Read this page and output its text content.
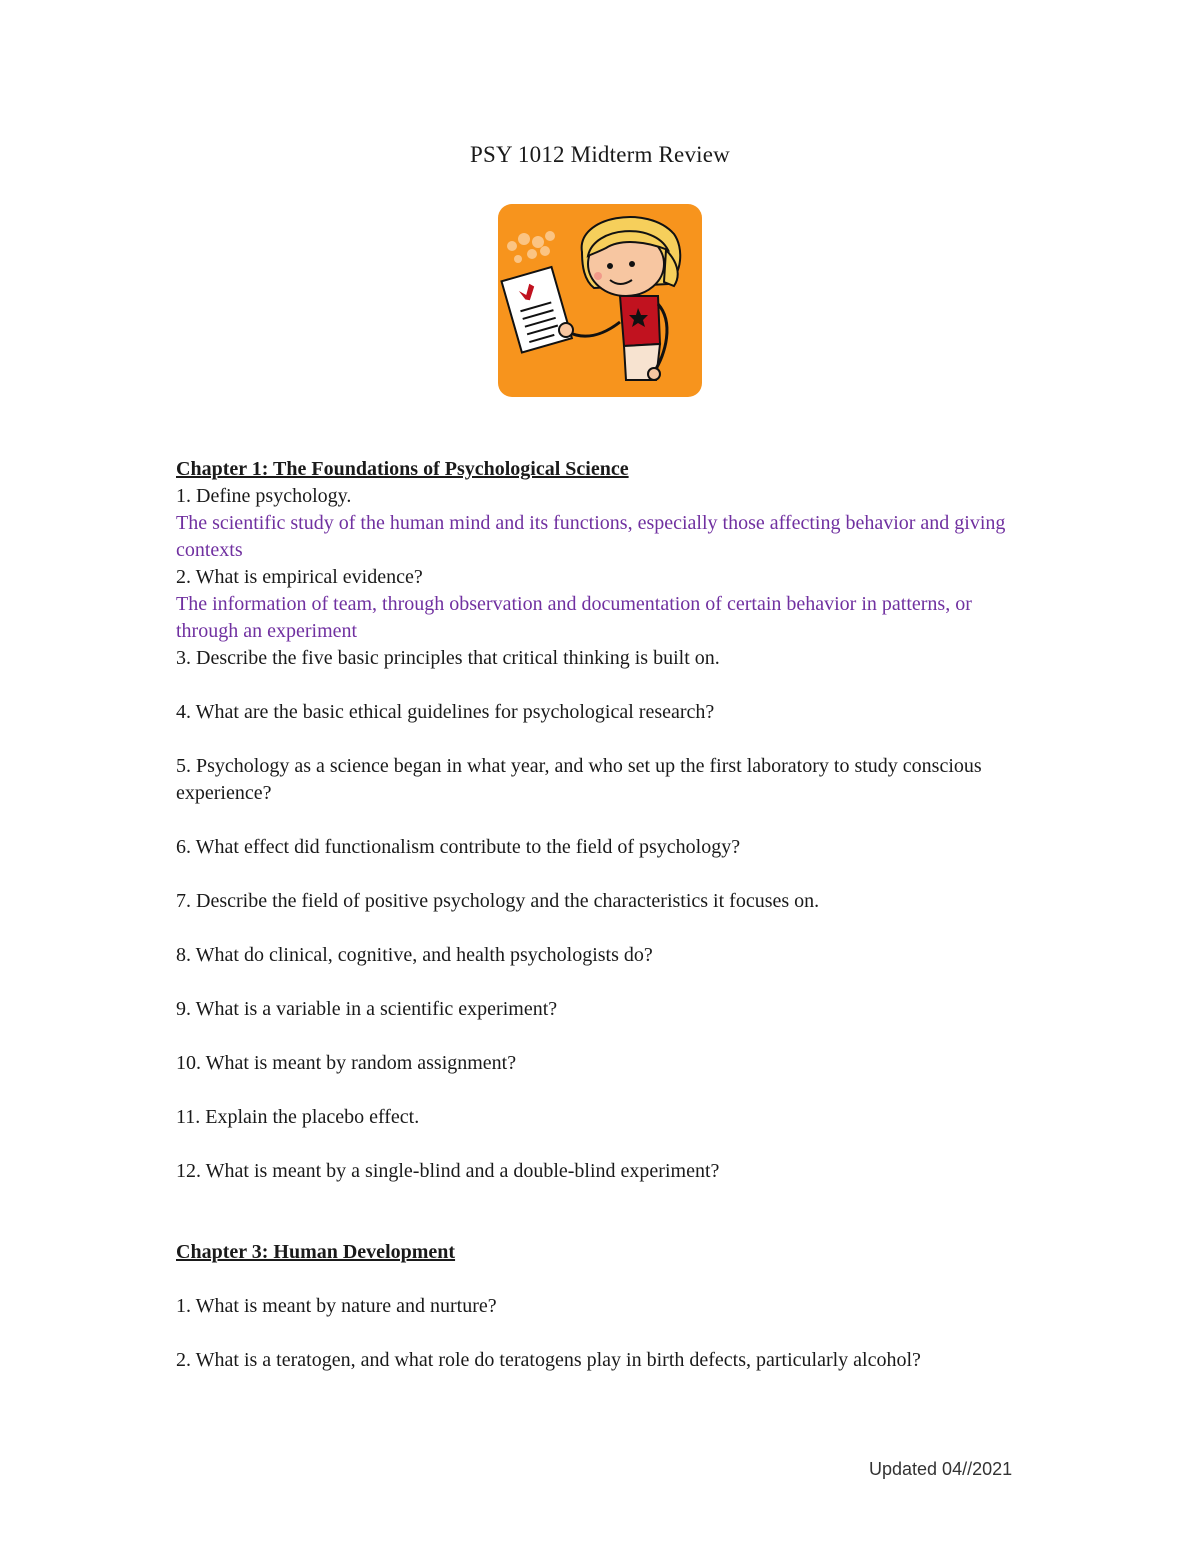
PSY 1012 Midterm Review
Chapter 1: The Foundations of Psychological Science
1. Define psychology.
The scientific study of the human mind and its functions, especially those affecting behavior and giving contexts
2. What is empirical evidence?
The information of team, through observation and documentation of certain behavior in patterns, or through an experiment
3. Describe the five basic principles that critical thinking is built on.
4. What are the basic ethical guidelines for psychological research?
5. Psychology as a science began in what year, and who set up the first laboratory to study conscious experience?
6. What effect did functionalism contribute to the field of psychology?
7. Describe the field of positive psychology and the characteristics it focuses on.
8. What do clinical, cognitive, and health psychologists do?
9. What is a variable in a scientific experiment?
10. What is meant by random assignment?
11. Explain the placebo effect.
12. What is meant by a single-blind and a double-blind experiment?
Chapter 3: Human Development
1. What is meant by nature and nurture?
2. What is a teratogen, and what role do teratogens play in birth defects, particularly alcohol?
Updated 04//2021
